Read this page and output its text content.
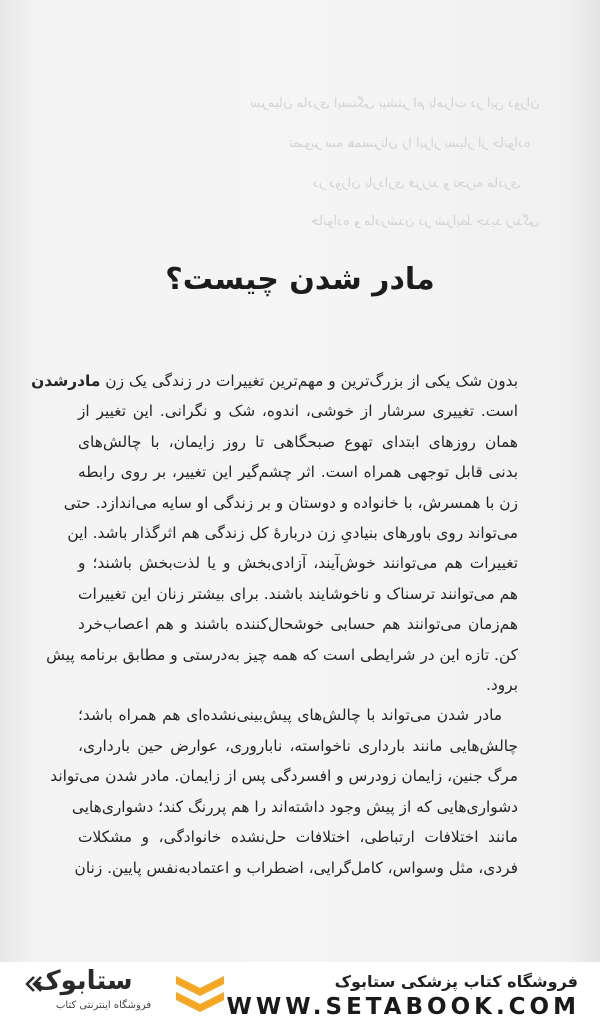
سرمیان مادری اپستگی بیشتر ام بامرات در این دوران
تصویر سه همسرتان را ابراز بسیار از خانواده
در دوران بارداری فرزند و تجربه مادری
خانواده و مادرشدن در شرایط جدید زندگی
مادر شدن چیست؟
بدون شک یکی از بزرگ‌ترین و مهم‌ترین تغییرات در زندگی یک زن مادرشدن
است. تغییری سرشار از خوشی، اندوه، شک و نگرانی. این تغییر از
همان روزهای ابتدای تهوع صبحگاهی تا روز زایمان، با چالش‌های
بدنی قابل توجهی همراه است. اثر چشم‌گیر این تغییر، بر روی رابطه
زن با همسرش، با خانواده و دوستان و بر زندگی او سایه می‌اندازد. حتی
می‌تواند روی باورهای بنیادیِ زن دربارهٔ کل زندگی هم اثرگذار باشد. این
تغییرات هم می‌توانند خوش‌آیند، آزادی‌بخش و یا لذت‌بخش باشند؛ و
هم می‌توانند ترسناک و ناخوشایند باشند. برای بیشتر زنان این تغییرات
هم‌زمان می‌توانند هم حسابی خوشحال‌کننده باشند و هم اعصاب‌خرد
کن. تازه این در شرایطی است که همه چیز به‌درستی و مطابق برنامه پیش
برود.
مادر شدن می‌تواند با چالش‌های پیش‌بینی‌نشده‌ای هم همراه باشد؛
چالش‌هایی مانند بارداری ناخواسته، ناباروری، عوارض حین بارداری،
مرگ جنین، زایمان زودرس و افسردگی پس از زایمان. مادر شدن می‌تواند
دشواری‌هایی که از پیش وجود داشته‌اند را هم پررنگ کند؛ دشواری‌هایی
مانند اختلافات ارتباطی، اختلافات حل‌نشده خانوادگی، و مشکلات
فردی، مثل وسواس، کامل‌گرایی، اضطراب و اعتمادبه‌نفس پایین. زنان
فروشگاه کتاب پزشکی ستابوک
WWW.SETABOOK.COM
ستابوک
فروشگاه اینترنتی کتاب
